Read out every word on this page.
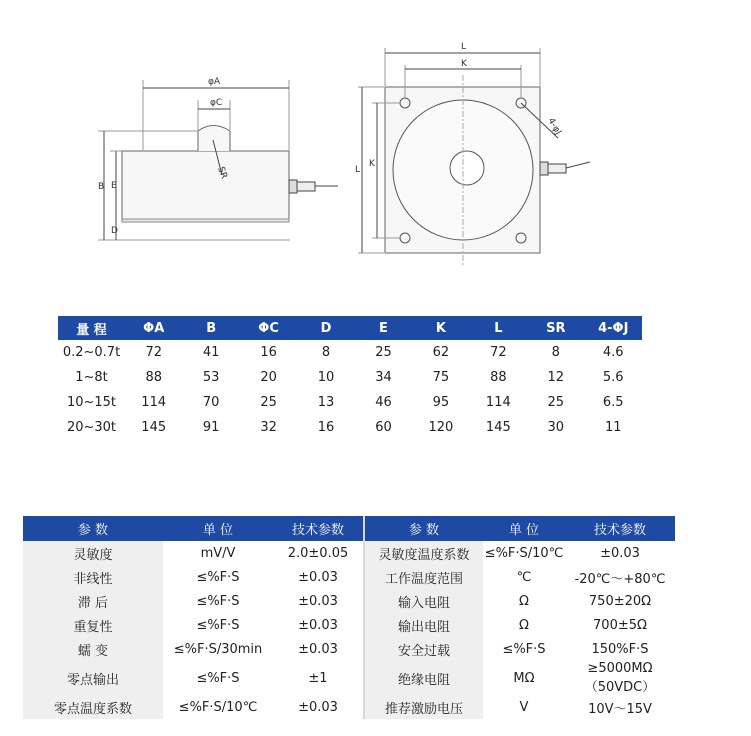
φA
φC
SR
B E
D
L
K
K
L
4-φJ
量 程	ΦA	B	ΦC	D	E	K	L	SR	4-ΦJ
0.2~0.7t	72	41	16	8	25	62	72	8	4.6
1~8t	88	53	20	10	34	75	88	12	5.6
10~15t	114	70	25	13	46	95	114	25	6.5
20~30t	145	91	32	16	60	120	145	30	11
参 数	单 位	技术参数		参 数	单 位	技术参数
灵敏度	mV/V	2.0±0.05		灵敏度温度系数	≤%F·S/10℃	±0.03
非线性	≤%F·S	±0.03		工作温度范围	℃	-20℃～+80℃
滞 后	≤%F·S	±0.03		输入电阻	Ω	750±20Ω
重复性	≤%F·S	±0.03		输出电阻	Ω	700±5Ω
蠕 变	≤%F·S/30min	±0.03		安全过载	≤%F·S	150%F·S
零点输出	≤%F·S	±1		绝缘电阻	MΩ	≥5000MΩ（50VDC）
零点温度系数	≤%F·S/10℃	±0.03		推荐激励电压	V	10V～15V
